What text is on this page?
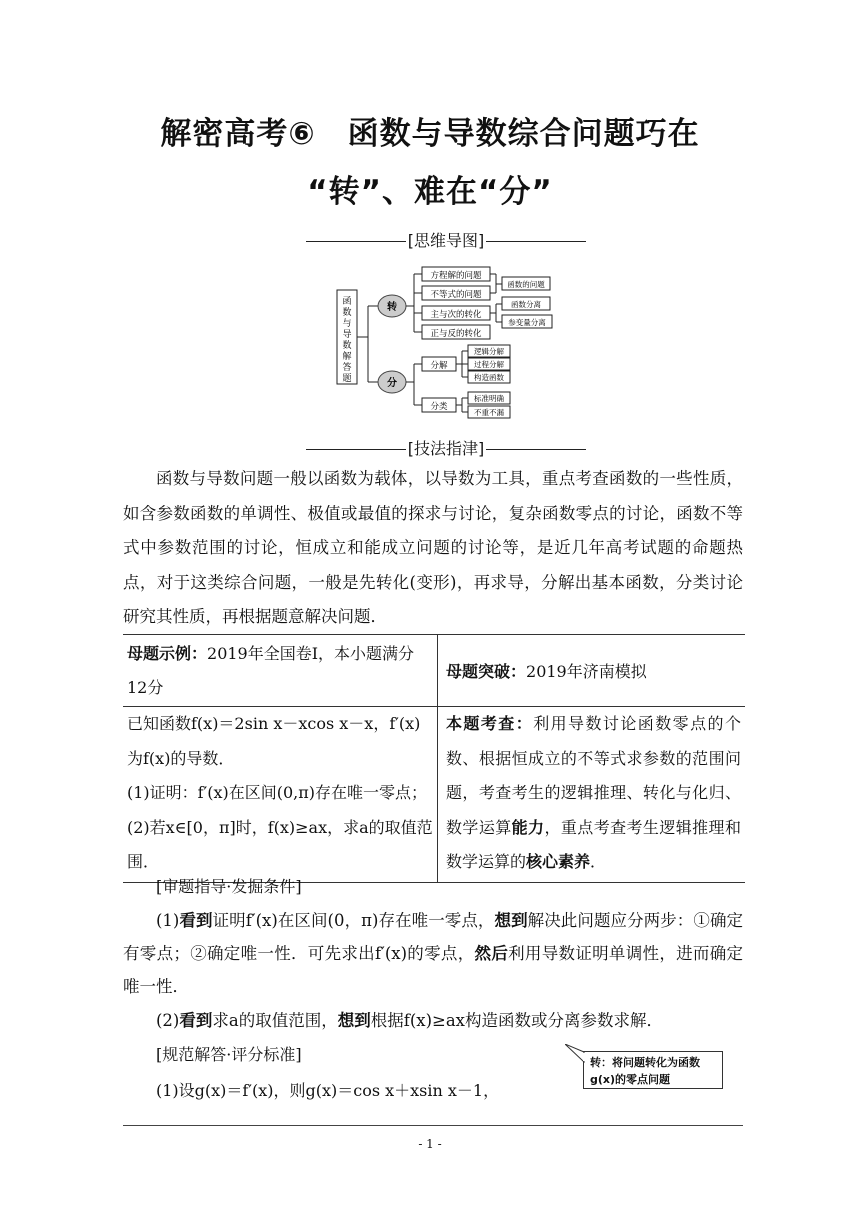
解密高考⑥　函数与导数综合问题巧在
“转”、难在“分”
[思维导图]
函数与导数解答题
转
分
方程解的问题
不等式的问题
主与次的转化
正与反的转化
函数的问题
函数分离
参变量分离
分解
分类
逻辑分解
过程分解
构造函数
标准明确
不重不漏
[技法指津]

函数与导数问题一般以函数为载体，以导数为工具，重点考查函数的一些性质，如含参数函数的单调性、极值或最值的探求与讨论，复杂函数零点的讨论，函数不等式中参数范围的讨论，恒成立和能成立问题的讨论等，是近几年高考试题的命题热点，对于这类综合问题，一般是先转化(变形)，再求导，分解出基本函数，分类讨论研究其性质，再根据题意解决问题．

母题示例：2019年全国卷Ⅰ，本小题满分12分	母题突破：2019年济南模拟

已知函数f(x)＝2sin x－xcos x－x，f′(x)为f(x)的导数．
(1)证明：f′(x)在区间(0,π)存在唯一零点；
(2)若x∈[0，π]时，f(x)≥ax，求a的取值范围．	本题考查：利用导数讨论函数零点的个数、根据恒成立的不等式求参数的范围问题，考查考生的逻辑推理、转化与化归、数学运算能力，重点考查考生逻辑推理和数学运算的核心素养．
[审题指导·发掘条件]

(1)看到证明f′(x)在区间(0，π)存在唯一零点，想到解决此问题应分两步：①确定有零点；②确定唯一性．可先求出f′(x)的零点，然后利用导数证明单调性，进而确定唯一性．

(2)看到求a的取值范围，想到根据f(x)≥ax构造函数或分离参数求解．

[规范解答·评分标准]
(1)设g(x)＝f′(x)，则g(x)＝cos x＋xsin x－1，
转：将问题转化为函数g(x)的零点问题
- 1 -
